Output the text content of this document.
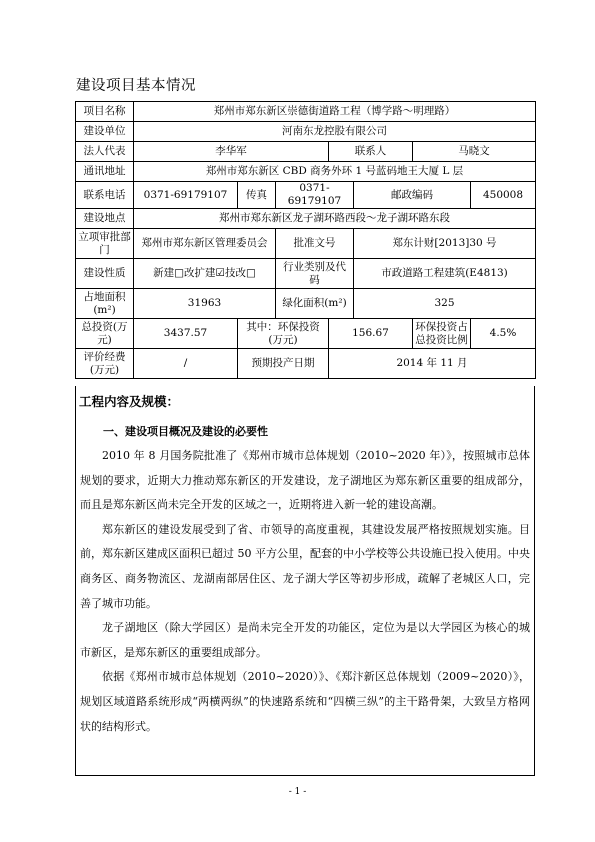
建设项目基本情况
项目名称	郑州市郑东新区崇德街道路工程（博学路～明理路）						
建设单位	河南东龙控股有限公司						
法人代表	李华军			联系人		马晓文	
通讯地址	郑州市郑东新区 CBD 商务外环 1 号蓝码地王大厦 L 层						
联系电话	0371-69179107	传真	0371-69179107		邮政编码		450008
建设地点	郑州市郑东新区龙子湖环路西段～龙子湖环路东段						
立项审批部门	郑州市郑东新区管理委员会		批准文号		郑东计财[2013]30 号		
建设性质	新建□改扩建☑技改□		行业类别及代码		市政道路工程建筑(E4813)		
占地面积(m²)	31963		绿化面积(m²)		325		
总投资(万元)	3437.57	其中：环保投资(万元)		156.67		环保投资占总投资比例	4.5%
评价经费(万元)	/	预期投产日期		2014 年 11 月			
工程内容及规模：
一、建设项目概况及建设的必要性

2010 年 8 月国务院批准了《郑州市城市总体规划（2010~2020 年）》，按照城市总体规划的要求，近期大力推动郑东新区的开发建设，龙子湖地区为郑东新区重要的组成部分，而且是郑东新区尚未完全开发的区域之一，近期将进入新一轮的建设高潮。

郑东新区的建设发展受到了省、市领导的高度重视，其建设发展严格按照规划实施。目前，郑东新区建成区面积已超过 50 平方公里，配套的中小学校等公共设施已投入使用。中央商务区、商务物流区、龙湖南部居住区、龙子湖大学区等初步形成，疏解了老城区人口，完善了城市功能。

龙子湖地区（除大学园区）是尚未完全开发的功能区，定位为是以大学园区为核心的城市新区，是郑东新区的重要组成部分。

依据《郑州市城市总体规划（2010~2020）》、《郑汴新区总体规划（2009~2020）》，规划区域道路系统形成“两横两纵”的快速路系统和“四横三纵”的主干路骨架，大致呈方格网状的结构形式。

- 1 -
